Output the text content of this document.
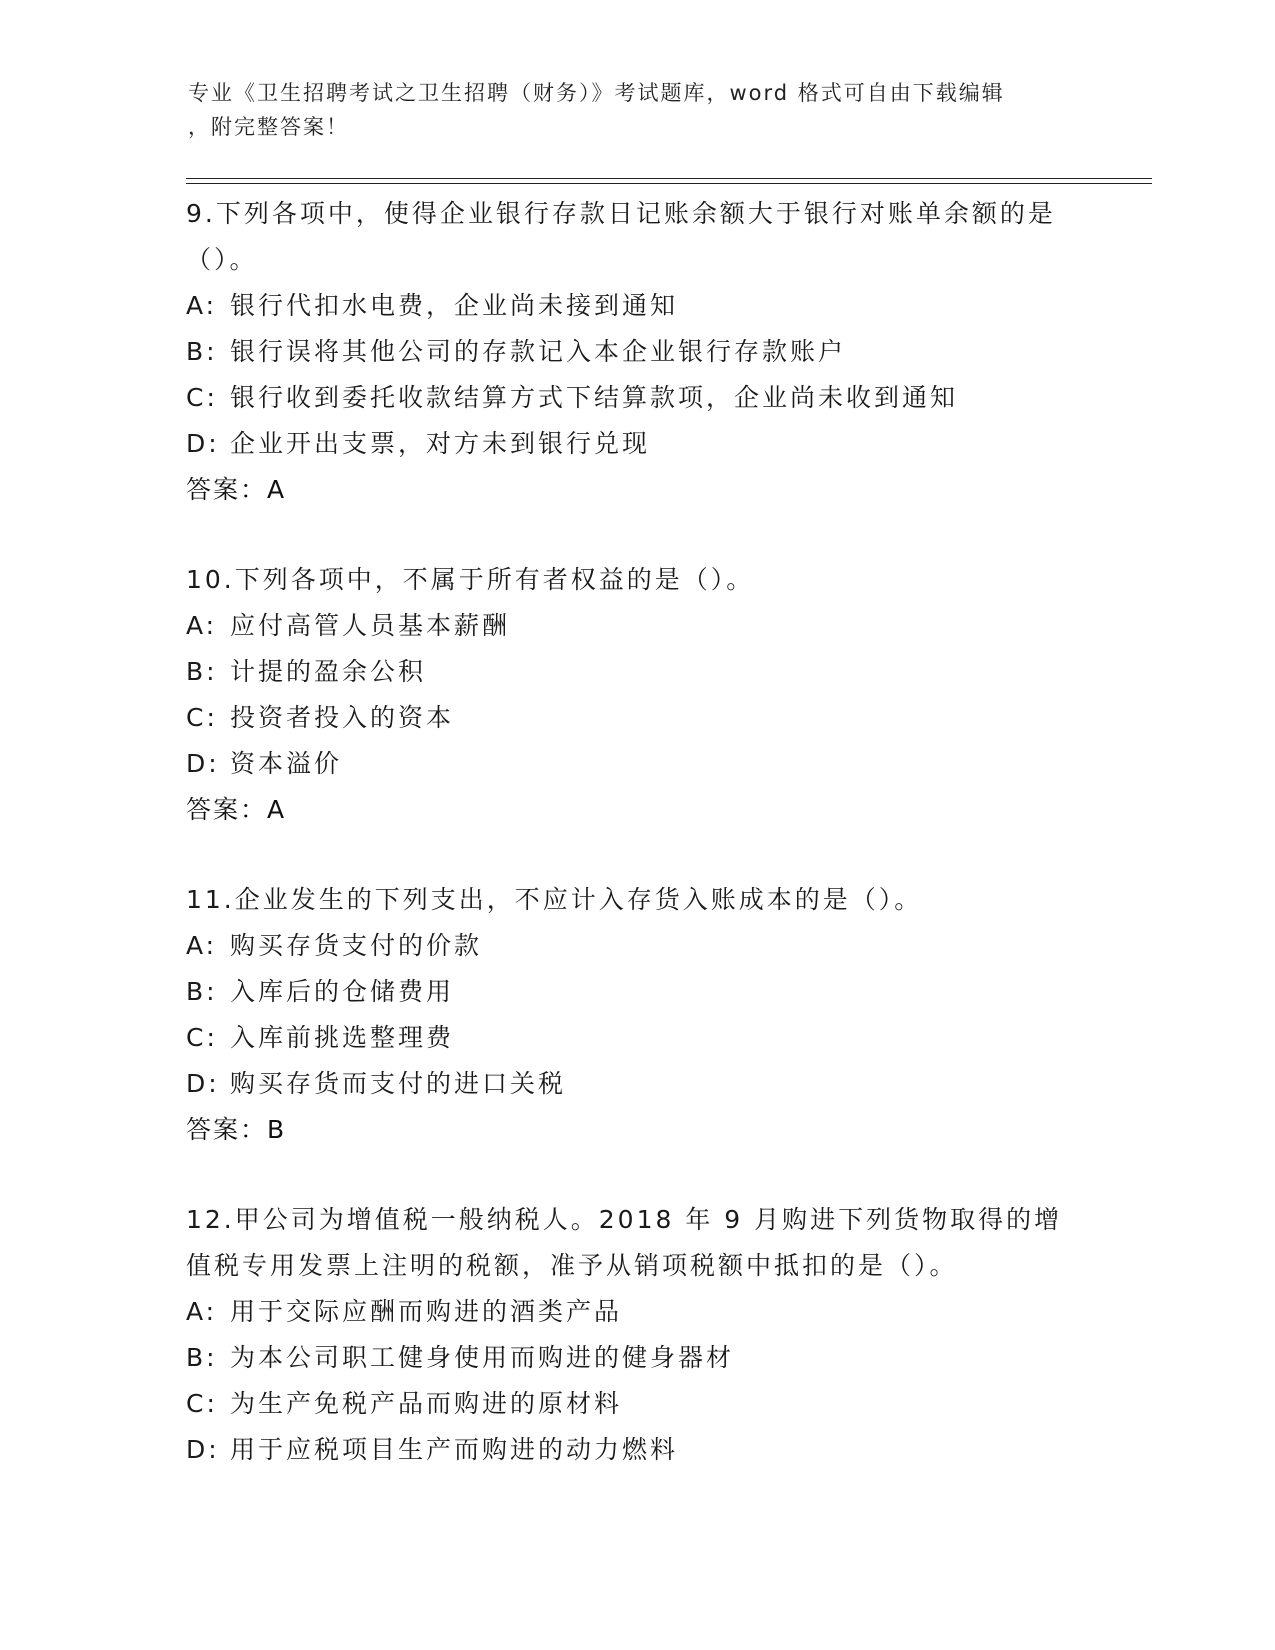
专业《卫生招聘考试之卫生招聘（财务）》考试题库，word 格式可自由下载编辑
，附完整答案！
9.下列各项中，使得企业银行存款日记账余额大于银行对账单余额的是（）。
A: 银行代扣水电费，企业尚未接到通知
B: 银行误将其他公司的存款记入本企业银行存款账户
C: 银行收到委托收款结算方式下结算款项，企业尚未收到通知
D: 企业开出支票，对方未到银行兑现
答案：A
10.下列各项中，不属于所有者权益的是（）。
A: 应付高管人员基本薪酬
B: 计提的盈余公积
C: 投资者投入的资本
D: 资本溢价
答案：A
11.企业发生的下列支出，不应计入存货入账成本的是（）。
A: 购买存货支付的价款
B: 入库后的仓储费用
C: 入库前挑选整理费
D: 购买存货而支付的进口关税
答案：B
12.甲公司为增值税一般纳税人。2018 年 9 月购进下列货物取得的增值税专用发票上注明的税额，准予从销项税额中抵扣的是（）。
A: 用于交际应酬而购进的酒类产品
B: 为本公司职工健身使用而购进的健身器材
C: 为生产免税产品而购进的原材料
D: 用于应税项目生产而购进的动力燃料
